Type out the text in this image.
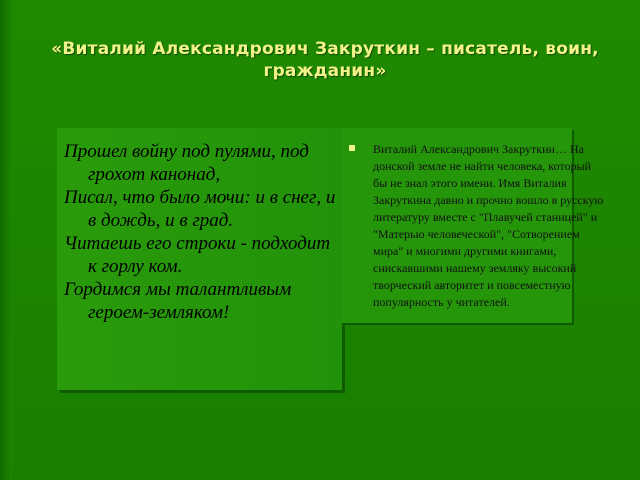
«Виталий Александрович Закруткин – писатель, воин, гражданин»

Прошел войну под пулями, под грохот канонад,

Писал, что было мочи: и в снег, и в дождь, и в град.

Читаешь его строки - подходит к горлу ком.

Гордимся мы талантливым героем-земляком!

Виталий Александрович Закруткин… На донской земле не найти человека, который бы не знал этого имени. Имя Виталия Закруткина давно и прочно вошло в русскую литературу вместе с "Плавучей станицей" и "Матерью человеческой", "Сотворением мира" и многими другими книгами, снискавшими нашему земляку высокий творческий авторитет и повсеместную популярность у читателей.
